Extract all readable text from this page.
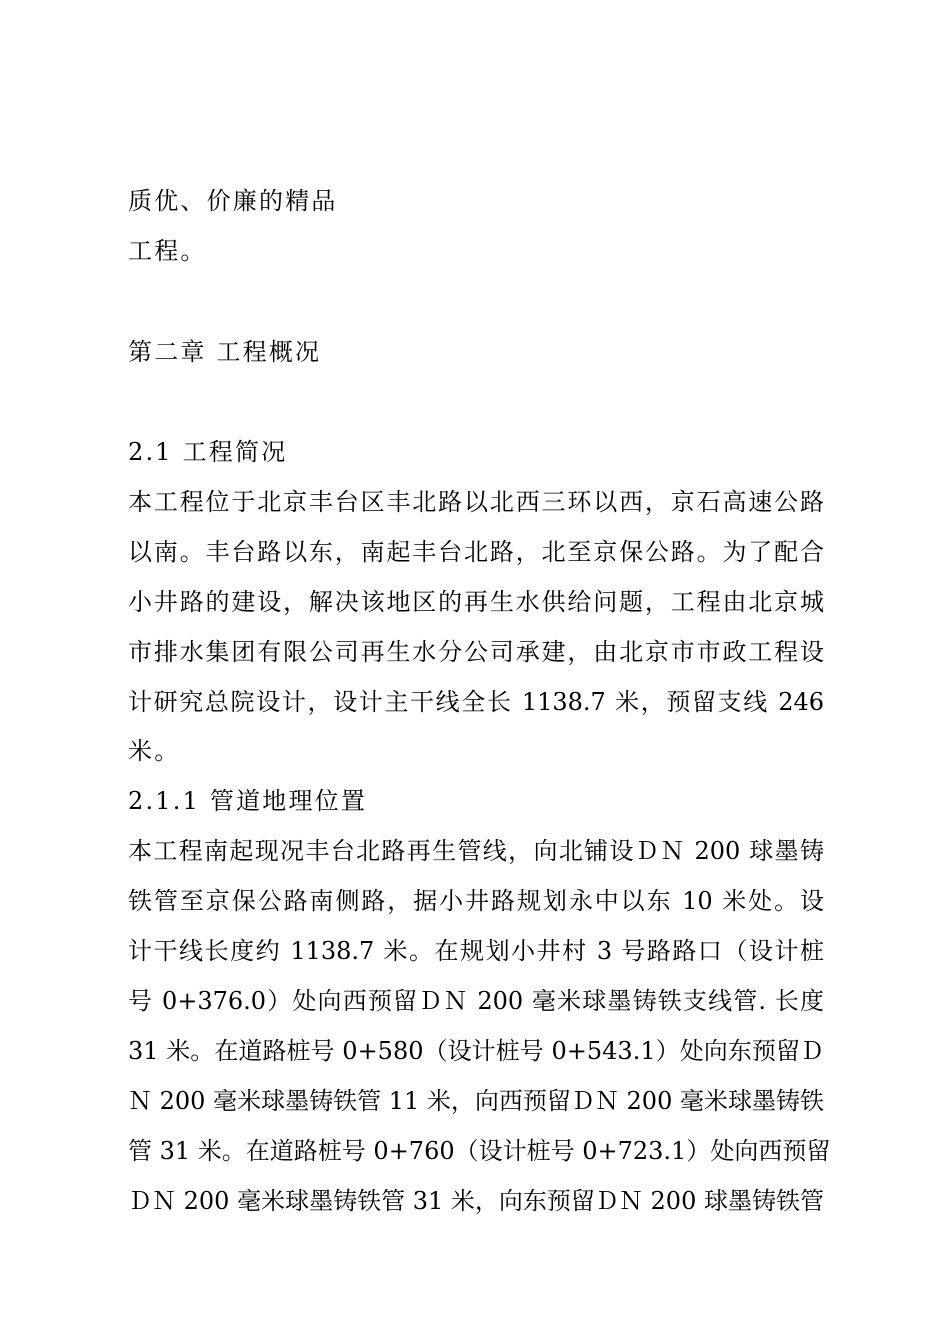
质优、价廉的精品
工程。
第二章 工程概况
2.1 工程简况
本工程位于北京丰台区丰北路以北西三环以西，京石高速公路
以南。丰台路以东，南起丰台北路，北至京保公路。为了配合
小井路的建设，解决该地区的再生水供给问题，工程由北京城
市排水集团有限公司再生水分公司承建，由北京市市政工程设
计研究总院设计，设计主干线全长 1138.7 米，预留支线 246
米。
2.1.1 管道地理位置
本工程南起现况丰台北路再生管线，向北铺设ＤＮ 200 球墨铸
铁管至京保公路南侧路，据小井路规划永中以东 10 米处。设
计干线长度约 1138.7 米。在规划小井村 3 号路路口（设计桩
号 0+376.0）处向西预留ＤＮ 200 毫米球墨铸铁支线管. 长度
31 米。在道路桩号 0+580（设计桩号 0+543.1）处向东预留Ｄ
Ｎ 200 毫米球墨铸铁管 11 米，向西预留ＤＮ 200 毫米球墨铸铁
管 31 米。在道路桩号 0+760（设计桩号 0+723.1）处向西预留
ＤＮ 200 毫米球墨铸铁管 31 米，向东预留ＤＮ 200 球墨铸铁管
